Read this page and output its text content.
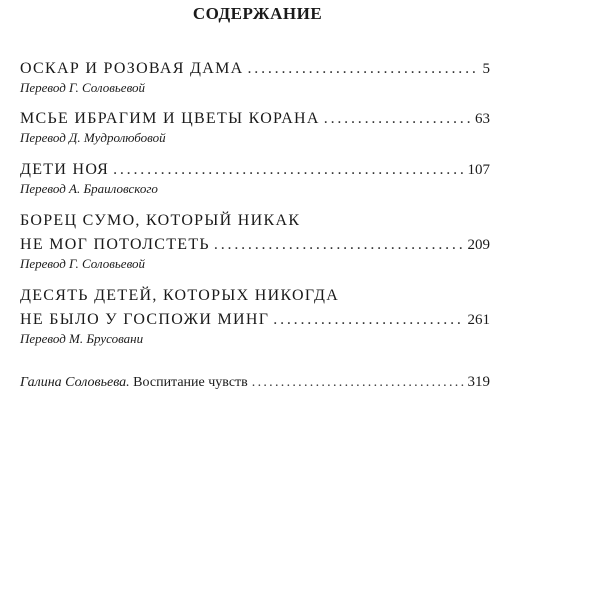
СОДЕРЖАНИЕ
ОСКАР И РОЗОВАЯ ДАМА . . .	5
Перевод Г. Соловьевой
МСЬЕ ИБРАГИМ И ЦВЕТЫ КОРАНА . . .	63
Перевод Д. Мудролюбовой
ДЕТИ НОЯ . . .	107
Перевод А. Браиловского
БОРЕЦ СУМО, КОТОРЫЙ НИКАК
НЕ МОГ ПОТОЛСТЕТЬ . . .	209
Перевод Г. Соловьевой
ДЕСЯТЬ ДЕТЕЙ, КОТОРЫХ НИКОГДА
НЕ БЫЛО У ГОСПОЖИ МИНГ . . .	261
Перевод М. Брусовани
Галина Соловьева.
Воспитание чувств . . .	319
